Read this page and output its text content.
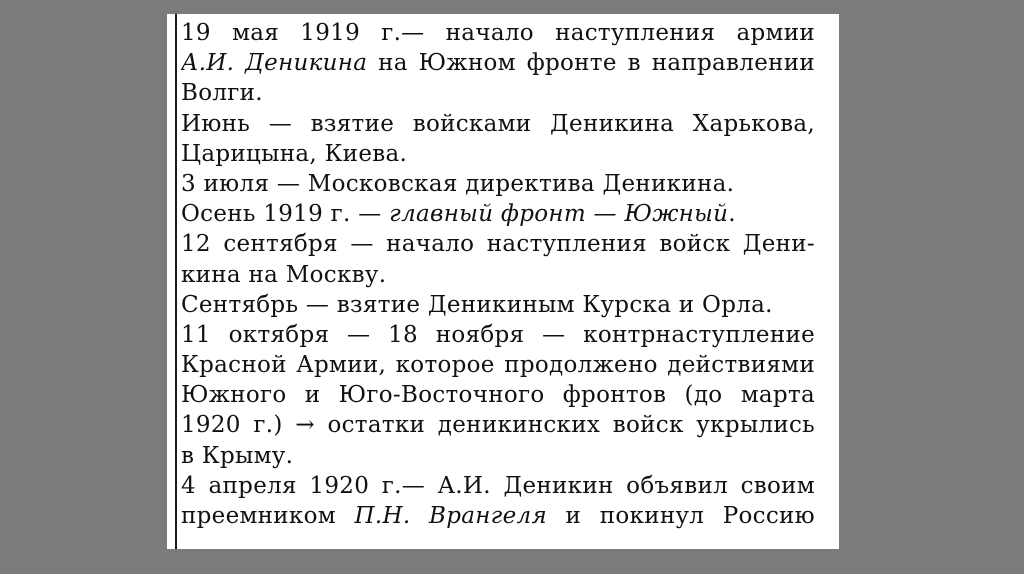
19 мая 1919 г.— начало наступления армии
А.И. Деникина на Южном фронте в направлении
Волги.
Июнь — взятие войсками Деникина Харькова,
Царицына, Киева.
3 июля — Московская директива Деникина.
Осень 1919 г. — главный фронт — Южный.
12 сентября — начало наступления войск Дени-
кина на Москву.
Сентябрь — взятие Деникиным Курска и Орла.
11 октября — 18 ноября — контрнаступление
Красной Армии, которое продолжено действиями
Южного и Юго-Восточного фронтов (до марта
1920 г.) → остатки деникинских войск укрылись
в Крыму.
4 апреля 1920 г.— А.И. Деникин объявил своим
преемником П.Н. Врангеля и покинул Россию
